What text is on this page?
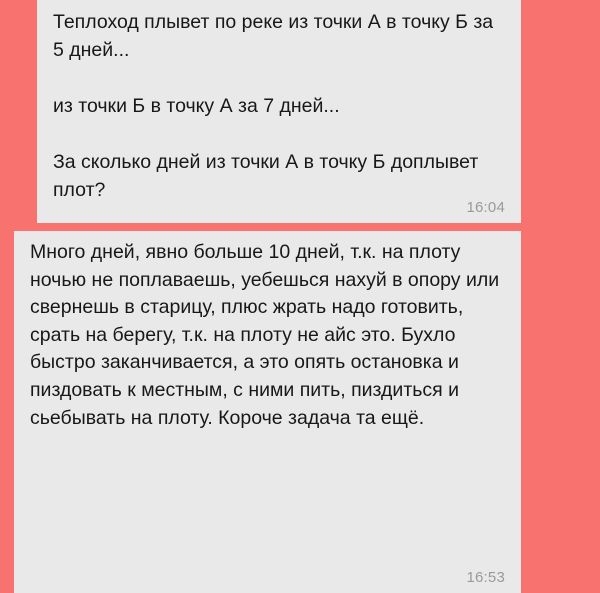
Теплоход плывет по реке из точки А в точку Б за 5 дней...

из точки Б в точку А за 7 дней...

За сколько дней из точки А в точку Б доплывет плот?

16:04

Много дней, явно больше 10 дней, т.к. на плоту ночью не поплаваешь, уебешься нахуй в опору или свернешь в старицу, плюс жрать надо готовить, срать на берегу, т.к. на плоту не айс это. Бухло быстро заканчивается, а это опять остановка и пиздовать к местным, с ними пить, пиздиться и сьебывать на плоту. Короче задача та ещё.

16:53
